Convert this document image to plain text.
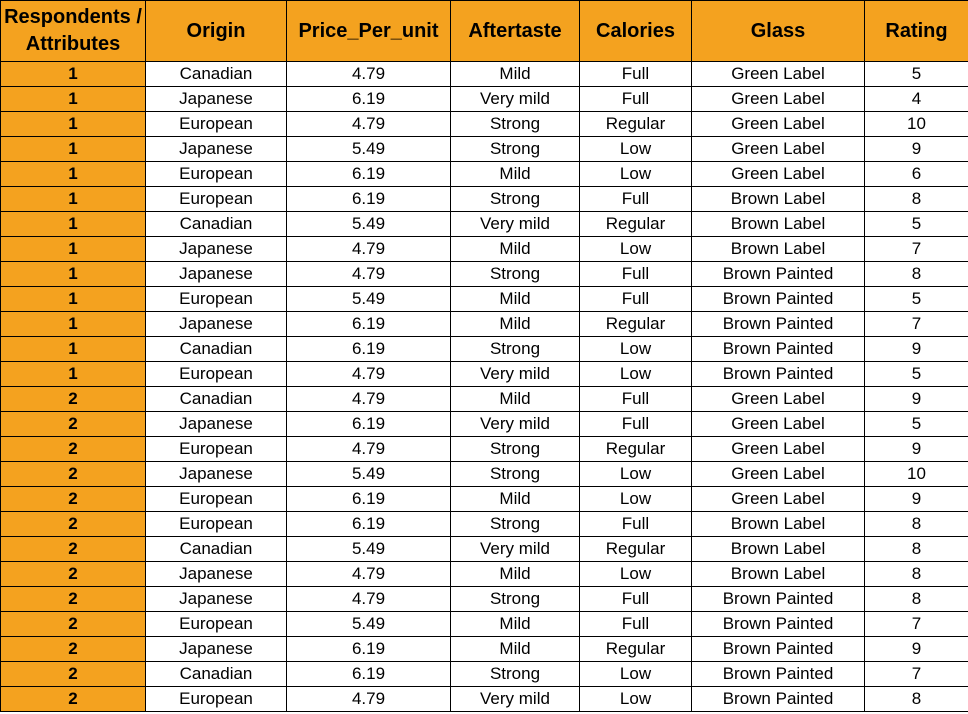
Respondents / Attributes	Origin	Price_Per_unit	Aftertaste	Calories	Glass	Rating
1	Canadian	4.79	Mild	Full	Green Label	5
1	Japanese	6.19	Very mild	Full	Green Label	4
1	European	4.79	Strong	Regular	Green Label	10
1	Japanese	5.49	Strong	Low	Green Label	9
1	European	6.19	Mild	Low	Green Label	6
1	European	6.19	Strong	Full	Brown Label	8
1	Canadian	5.49	Very mild	Regular	Brown Label	5
1	Japanese	4.79	Mild	Low	Brown Label	7
1	Japanese	4.79	Strong	Full	Brown Painted	8
1	European	5.49	Mild	Full	Brown Painted	5
1	Japanese	6.19	Mild	Regular	Brown Painted	7
1	Canadian	6.19	Strong	Low	Brown Painted	9
1	European	4.79	Very mild	Low	Brown Painted	5
2	Canadian	4.79	Mild	Full	Green Label	9
2	Japanese	6.19	Very mild	Full	Green Label	5
2	European	4.79	Strong	Regular	Green Label	9
2	Japanese	5.49	Strong	Low	Green Label	10
2	European	6.19	Mild	Low	Green Label	9
2	European	6.19	Strong	Full	Brown Label	8
2	Canadian	5.49	Very mild	Regular	Brown Label	8
2	Japanese	4.79	Mild	Low	Brown Label	8
2	Japanese	4.79	Strong	Full	Brown Painted	8
2	European	5.49	Mild	Full	Brown Painted	7
2	Japanese	6.19	Mild	Regular	Brown Painted	9
2	Canadian	6.19	Strong	Low	Brown Painted	7
2	European	4.79	Very mild	Low	Brown Painted	8
